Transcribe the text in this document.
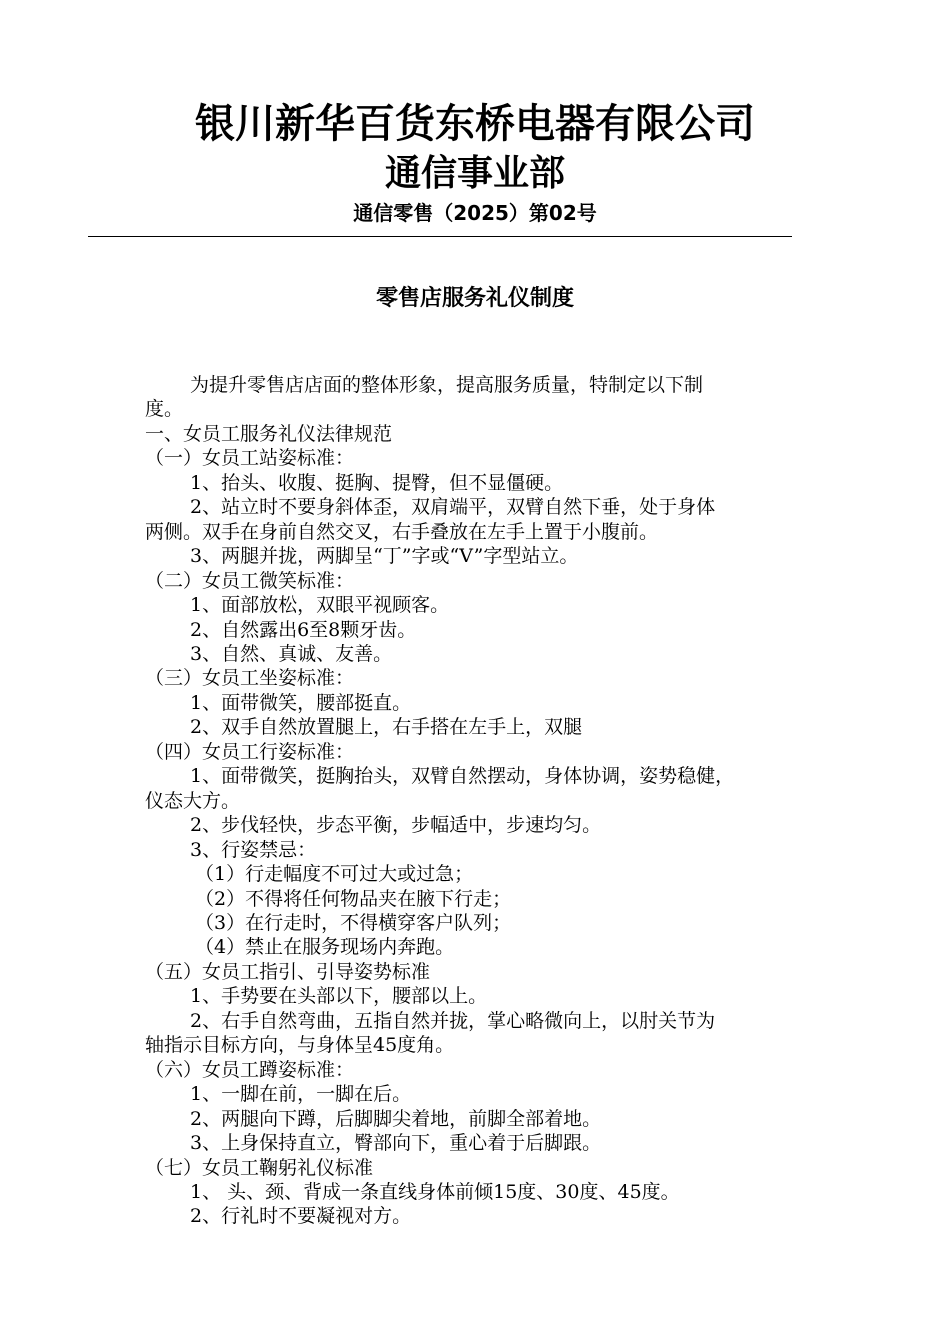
银川新华百货东桥电器有限公司
通信事业部
通信零售（2025）第02号
零售店服务礼仪制度
为提升零售店店面的整体形象，提高服务质量，特制定以下制
度。
一、女员工服务礼仪法律规范
（一）女员工站姿标准：
1、抬头、收腹、挺胸、提臀，但不显僵硬。
2、站立时不要身斜体歪，双肩端平，双臂自然下垂，处于身体
两侧。双手在身前自然交叉，右手叠放在左手上置于小腹前。
3、两腿并拢，两脚呈“丁”字或“V”字型站立。
（二）女员工微笑标准：
1、面部放松，双眼平视顾客。
2、自然露出6至8颗牙齿。
3、自然、真诚、友善。
（三）女员工坐姿标准：
1、面带微笑，腰部挺直。
2、双手自然放置腿上，右手搭在左手上，双腿
（四）女员工行姿标准：
1、面带微笑，挺胸抬头，双臂自然摆动，身体协调，姿势稳健，
仪态大方。
2、步伐轻快，步态平衡，步幅适中，步速均匀。
3、行姿禁忌：
（1）行走幅度不可过大或过急；
（2）不得将任何物品夹在腋下行走；
（3）在行走时，不得横穿客户队列；
（4）禁止在服务现场内奔跑。
（五）女员工指引、引导姿势标准
1、手势要在头部以下，腰部以上。
2、右手自然弯曲，五指自然并拢，掌心略微向上，以肘关节为
轴指示目标方向，与身体呈45度角。
（六）女员工蹲姿标准：
1、一脚在前，一脚在后。
2、两腿向下蹲，后脚脚尖着地，前脚全部着地。
3、上身保持直立，臀部向下，重心着于后脚跟。
（七）女员工鞠躬礼仪标准
1、 头、颈、背成一条直线身体前倾15度、30度、45度。
2、行礼时不要凝视对方。
